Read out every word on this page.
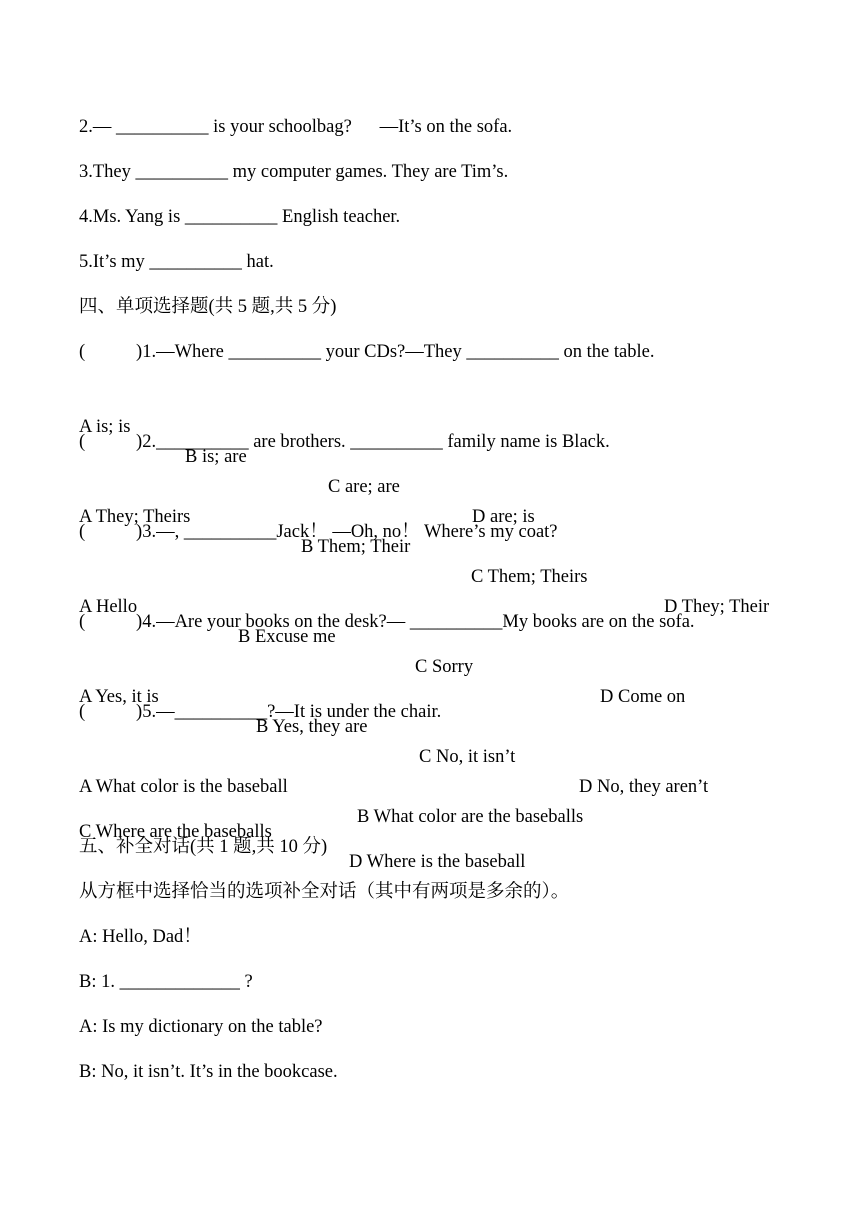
2.— __________ is your schoolbag?      —It’s on the sofa.
3.They __________ my computer games. They are Tim’s.
4.Ms. Yang is __________ English teacher.
5.It’s my __________ hat.
四、单项选择题(共 5 题,共 5 分)
(           )1.—Where __________ your CDs?—They __________ on the table.

A is; is

B is; are

C are; are

D are; is

(           )2.__________ are brothers. __________ family name is Black.

A They; Theirs

B Them; Their

C Them; Theirs

D They; Their

(           )3.—, __________Jack！ —Oh, no！ Where’s my coat?

A Hello

B Excuse me

C Sorry

D Come on

(           )4.—Are your books on the desk?— __________My books are on the sofa.

A Yes, it is

B Yes, they are

C No, it isn’t

D No, they aren’t

(           )5.—__________?—It is under the chair.

A What color is the baseball

B What color are the baseballs

C Where are the baseballs

D Where is the baseball

五、补全对话(共 1 题,共 10 分)
从方框中选择恰当的选项补全对话（其中有两项是多余的）。
A: Hello, Dad！
B: 1. _____________ ?
A: Is my dictionary on the table?
B: No, it isn’t. It’s in the bookcase.
